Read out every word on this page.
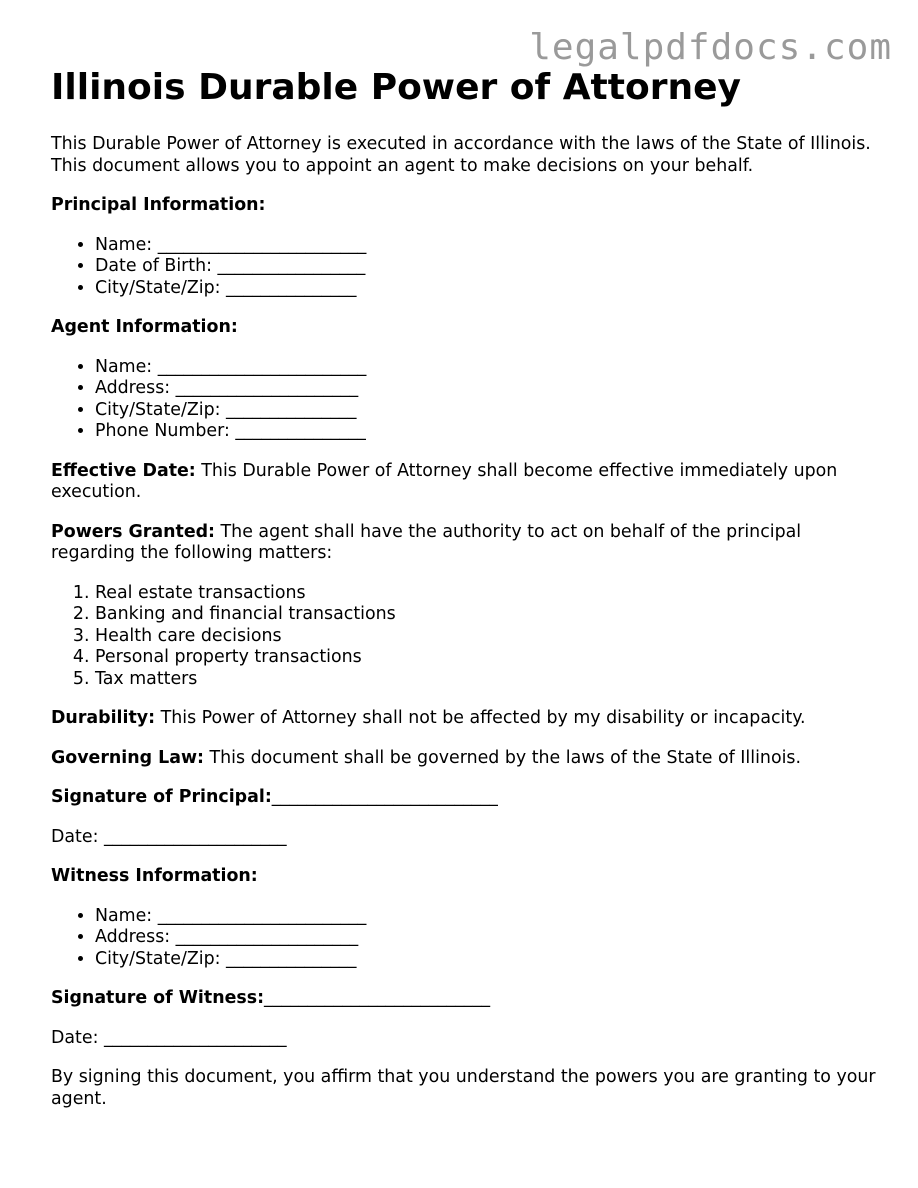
legalpdfdocs.com
Illinois Durable Power of Attorney

This Durable Power of Attorney is executed in accordance with the laws of the State of Illinois. This document allows you to appoint an agent to make decisions on your behalf.

Principal Information:

• Name: ________________________
• Date of Birth: _________________
• City/State/Zip: _______________

Agent Information:

• Name: ________________________
• Address: _____________________
• City/State/Zip: _______________
• Phone Number: _______________

Effective Date: This Durable Power of Attorney shall become effective immediately upon execution.

Powers Granted: The agent shall have the authority to act on behalf of the principal regarding the following matters:

1. Real estate transactions
2. Banking and financial transactions
3. Health care decisions
4. Personal property transactions
5. Tax matters

Durability: This Power of Attorney shall not be affected by my disability or incapacity.

Governing Law: This document shall be governed by the laws of the State of Illinois.

Signature of Principal:__________________________

Date: _____________________

Witness Information:

• Name: ________________________
• Address: _____________________
• City/State/Zip: _______________

Signature of Witness:__________________________

Date: _____________________

By signing this document, you affirm that you understand the powers you are granting to your agent.
